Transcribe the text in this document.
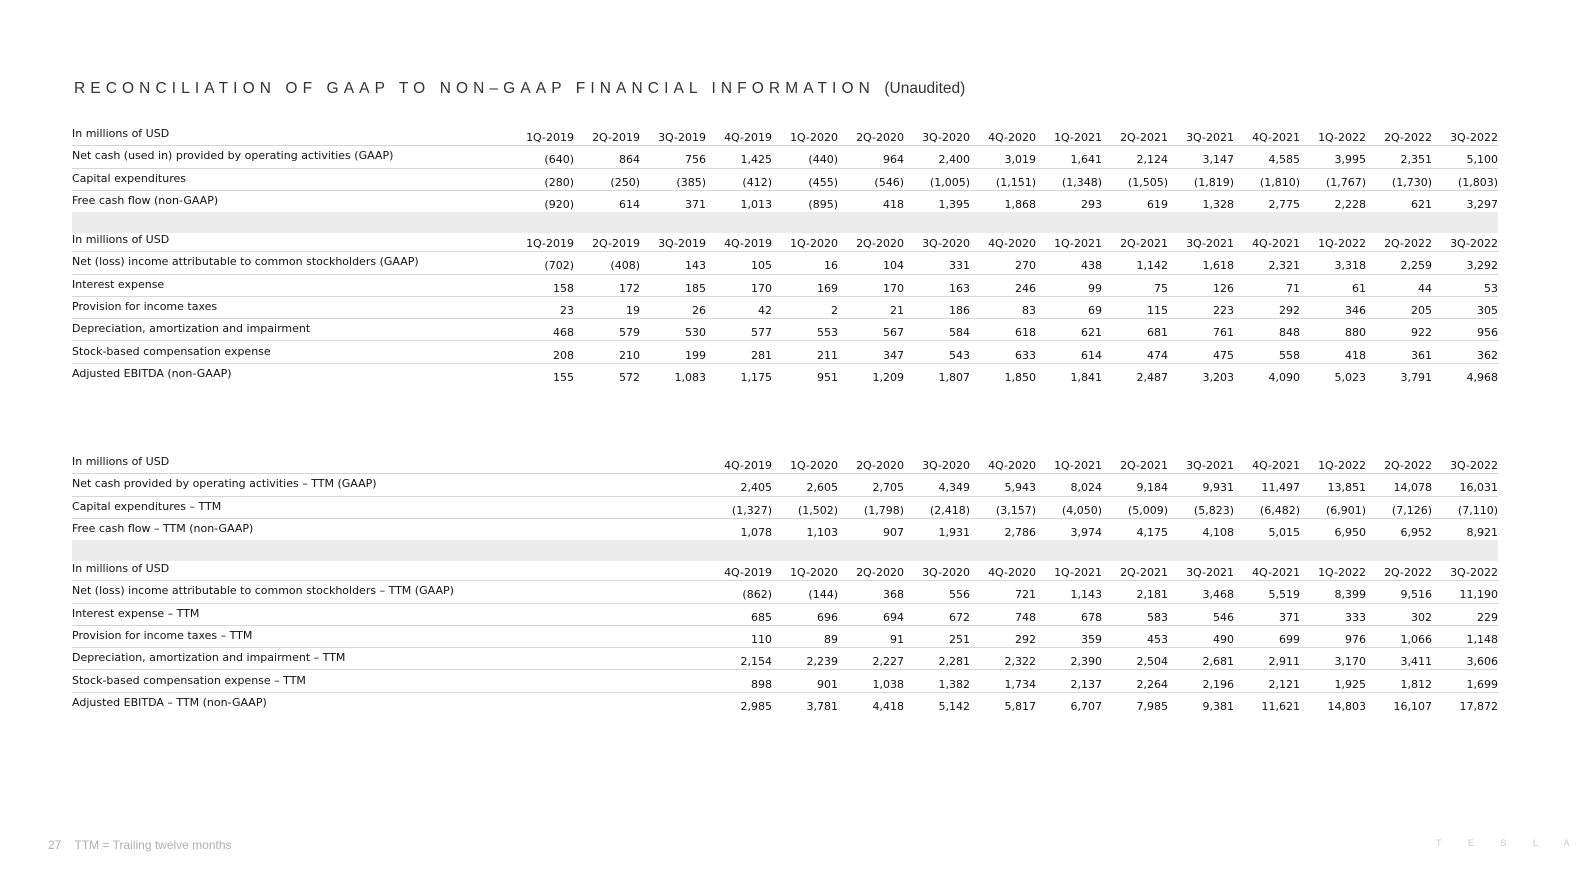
RECONCILIATION OF GAAP TO NON–GAAP FINANCIAL INFORMATION (Unaudited)
In millions of USD	1Q-2019	2Q-2019	3Q-2019	4Q-2019	1Q-2020	2Q-2020	3Q-2020	4Q-2020	1Q-2021	2Q-2021	3Q-2021	4Q-2021	1Q-2022	2Q-2022	3Q-2022
Net cash (used in) provided by operating activities (GAAP)	(640)	864	756	1,425	(440)	964	2,400	3,019	1,641	2,124	3,147	4,585	3,995	2,351	5,100
Capital expenditures	(280)	(250)	(385)	(412)	(455)	(546)	(1,005)	(1,151)	(1,348)	(1,505)	(1,819)	(1,810)	(1,767)	(1,730)	(1,803)
Free cash flow (non-GAAP)	(920)	614	371	1,013	(895)	418	1,395	1,868	293	619	1,328	2,775	2,228	621	3,297

In millions of USD	1Q-2019	2Q-2019	3Q-2019	4Q-2019	1Q-2020	2Q-2020	3Q-2020	4Q-2020	1Q-2021	2Q-2021	3Q-2021	4Q-2021	1Q-2022	2Q-2022	3Q-2022
Net (loss) income attributable to common stockholders (GAAP)	(702)	(408)	143	105	16	104	331	270	438	1,142	1,618	2,321	3,318	2,259	3,292
Interest expense	158	172	185	170	169	170	163	246	99	75	126	71	61	44	53
Provision for income taxes	23	19	26	42	2	21	186	83	69	115	223	292	346	205	305
Depreciation, amortization and impairment	468	579	530	577	553	567	584	618	621	681	761	848	880	922	956
Stock-based compensation expense	208	210	199	281	211	347	543	633	614	474	475	558	418	361	362
Adjusted EBITDA (non-GAAP)	155	572	1,083	1,175	951	1,209	1,807	1,850	1,841	2,487	3,203	4,090	5,023	3,791	4,968
In millions of USD				4Q-2019	1Q-2020	2Q-2020	3Q-2020	4Q-2020	1Q-2021	2Q-2021	3Q-2021	4Q-2021	1Q-2022	2Q-2022	3Q-2022
Net cash provided by operating activities – TTM (GAAP)				2,405	2,605	2,705	4,349	5,943	8,024	9,184	9,931	11,497	13,851	14,078	16,031
Capital expenditures – TTM				(1,327)	(1,502)	(1,798)	(2,418)	(3,157)	(4,050)	(5,009)	(5,823)	(6,482)	(6,901)	(7,126)	(7,110)
Free cash flow – TTM (non-GAAP)				1,078	1,103	907	1,931	2,786	3,974	4,175	4,108	5,015	6,950	6,952	8,921

In millions of USD				4Q-2019	1Q-2020	2Q-2020	3Q-2020	4Q-2020	1Q-2021	2Q-2021	3Q-2021	4Q-2021	1Q-2022	2Q-2022	3Q-2022
Net (loss) income attributable to common stockholders – TTM (GAAP)				(862)	(144)	368	556	721	1,143	2,181	3,468	5,519	8,399	9,516	11,190
Interest expense – TTM				685	696	694	672	748	678	583	546	371	333	302	229
Provision for income taxes – TTM				110	89	91	251	292	359	453	490	699	976	1,066	1,148
Depreciation, amortization and impairment – TTM				2,154	2,239	2,227	2,281	2,322	2,390	2,504	2,681	2,911	3,170	3,411	3,606
Stock-based compensation expense – TTM				898	901	1,038	1,382	1,734	2,137	2,264	2,196	2,121	1,925	1,812	1,699
Adjusted EBITDA – TTM (non-GAAP)				2,985	3,781	4,418	5,142	5,817	6,707	7,985	9,381	11,621	14,803	16,107	17,872
27 TTM = Trailing twelve months	T E S L A
